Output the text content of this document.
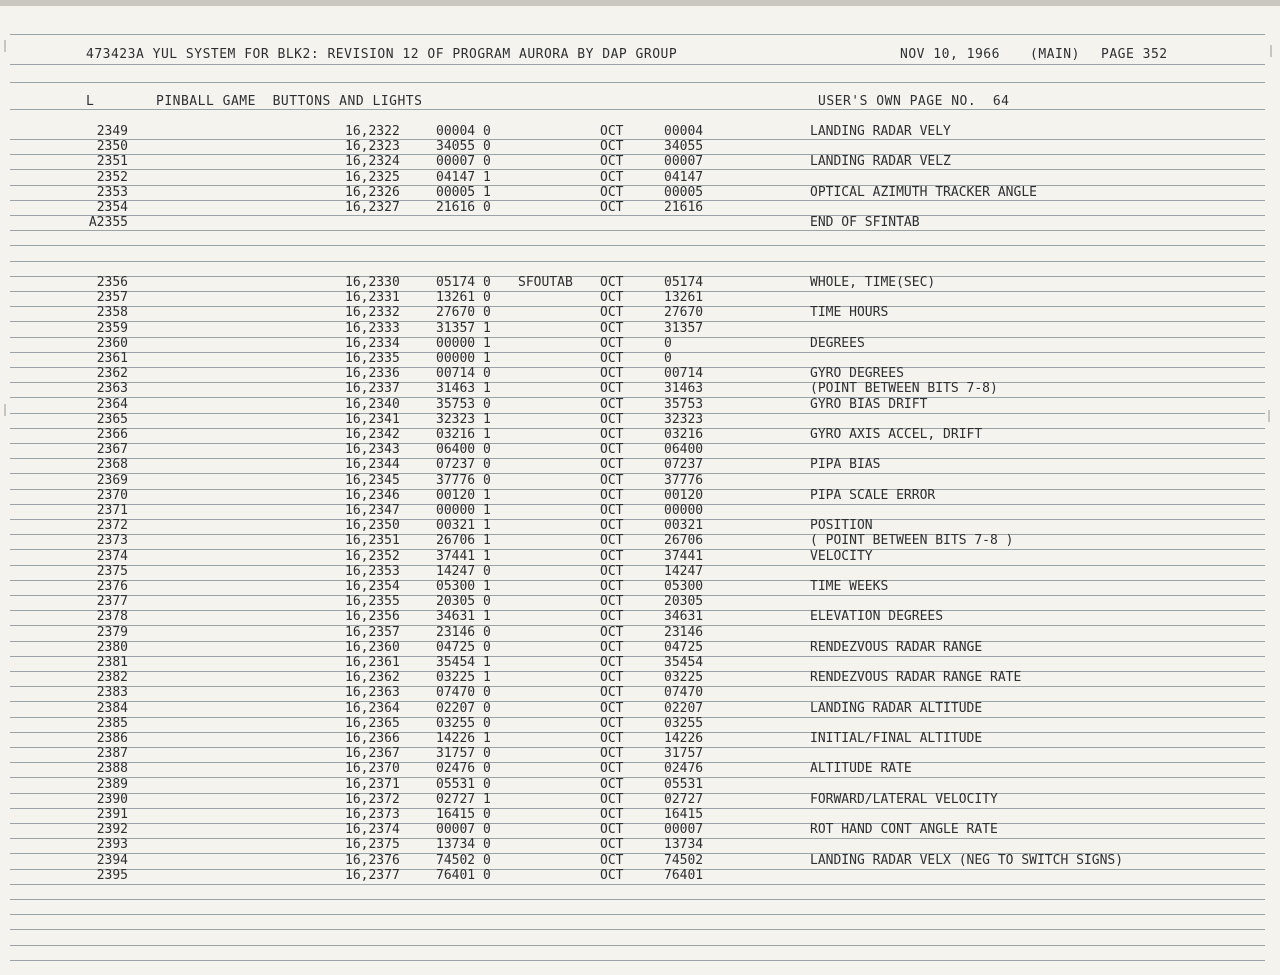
473423A YUL SYSTEM FOR BLK2: REVISION 12 OF PROGRAM AURORA BY DAP GROUP	NOV 10, 1966 (MAIN) PAGE 352
L	PINBALL GAME  BUTTONS AND LIGHTS	USER'S OWN PAGE NO.  64
2349	16,2322	00004 0	OCT	00004	LANDING RADAR VELY
2350	16,2323	34055 0	OCT	34055
2351	16,2324	00007 0	OCT	00007	LANDING RADAR VELZ
2352	16,2325	04147 1	OCT	04147
2353	16,2326	00005 1	OCT	00005	OPTICAL AZIMUTH TRACKER ANGLE
2354	16,2327	21616 0	OCT	21616
A2355	END OF SFINTAB
2356	16,2330	05174 0 SFOUTAB OCT	05174	WHOLE, TIME(SEC)
2357	16,2331	13261 0	OCT	13261
2358	16,2332	27670 0	OCT	27670	TIME HOURS
2359	16,2333	31357 1	OCT	31357
2360	16,2334	00000 1	OCT	0	DEGREES
2361	16,2335	00000 1	OCT	0
2362	16,2336	00714 0	OCT	00714	GYRO DEGREES
2363	16,2337	31463 1	OCT	31463	(POINT BETWEEN BITS 7-8)
2364	16,2340	35753 0	OCT	35753	GYRO BIAS DRIFT
2365	16,2341	32323 1	OCT	32323
2366	16,2342	03216 1	OCT	03216	GYRO AXIS ACCEL, DRIFT
2367	16,2343	06400 0	OCT	06400
2368	16,2344	07237 0	OCT	07237	PIPA BIAS
2369	16,2345	37776 0	OCT	37776
2370	16,2346	00120 1	OCT	00120	PIPA SCALE ERROR
2371	16,2347	00000 1	OCT	00000
2372	16,2350	00321 1	OCT	00321	POSITION
2373	16,2351	26706 1	OCT	26706	( POINT BETWEEN BITS 7-8 )
2374	16,2352	37441 1	OCT	37441	VELOCITY
2375	16,2353	14247 0	OCT	14247
2376	16,2354	05300 1	OCT	05300	TIME WEEKS
2377	16,2355	20305 0	OCT	20305
2378	16,2356	34631 1	OCT	34631	ELEVATION DEGREES
2379	16,2357	23146 0	OCT	23146
2380	16,2360	04725 0	OCT	04725	RENDEZVOUS RADAR RANGE
2381	16,2361	35454 1	OCT	35454
2382	16,2362	03225 1	OCT	03225	RENDEZVOUS RADAR RANGE RATE
2383	16,2363	07470 0	OCT	07470
2384	16,2364	02207 0	OCT	02207	LANDING RADAR ALTITUDE
2385	16,2365	03255 0	OCT	03255
2386	16,2366	14226 1	OCT	14226	INITIAL/FINAL ALTITUDE
2387	16,2367	31757 0	OCT	31757
2388	16,2370	02476 0	OCT	02476	ALTITUDE RATE
2389	16,2371	05531 0	OCT	05531
2390	16,2372	02727 1	OCT	02727	FORWARD/LATERAL VELOCITY
2391	16,2373	16415 0	OCT	16415
2392	16,2374	00007 0	OCT	00007	ROT HAND CONT ANGLE RATE
2393	16,2375	13734 0	OCT	13734
2394	16,2376	74502 0	OCT	74502	LANDING RADAR VELX (NEG TO SWITCH SIGNS)
2395	16,2377	76401 0	OCT	76401
